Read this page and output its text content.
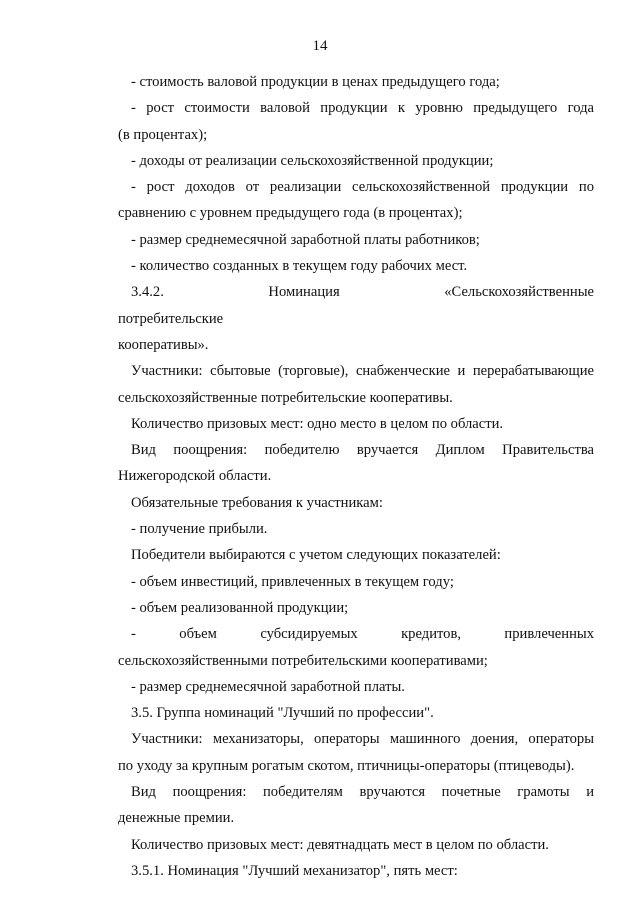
14

- стоимость валовой продукции в ценах предыдущего года;

- рост стоимости валовой продукции к уровню предыдущего года

(в процентах);

- доходы от реализации сельскохозяйственной продукции;

- рост доходов от реализации сельскохозяйственной продукции по

сравнению с уровнем предыдущего года (в процентах);

- размер среднемесячной заработной платы работников;

- количество созданных в текущем году рабочих мест.

3.4.2. Номинация «Сельскохозяйственные потребительские

кооперативы».

Участники: сбытовые (торговые), снабженческие и перерабатывающие

сельскохозяйственные потребительские кооперативы.

Количество призовых мест: одно место в целом по области.

Вид поощрения: победителю вручается Диплом Правительства

Нижегородской области.

Обязательные требования к участникам:

- получение прибыли.

Победители выбираются с учетом следующих показателей:

- объем инвестиций, привлеченных в текущем году;

- объем реализованной продукции;

- объем субсидируемых кредитов, привлеченных

сельскохозяйственными потребительскими кооперативами;

- размер среднемесячной заработной платы.

3.5. Группа номинаций "Лучший по профессии".

Участники: механизаторы, операторы машинного доения, операторы

по уходу за крупным рогатым скотом, птичницы-операторы (птицеводы).

Вид поощрения: победителям вручаются почетные грамоты и

денежные премии.

Количество призовых мест: девятнадцать мест в целом по области.

3.5.1. Номинация "Лучший механизатор", пять мест:
